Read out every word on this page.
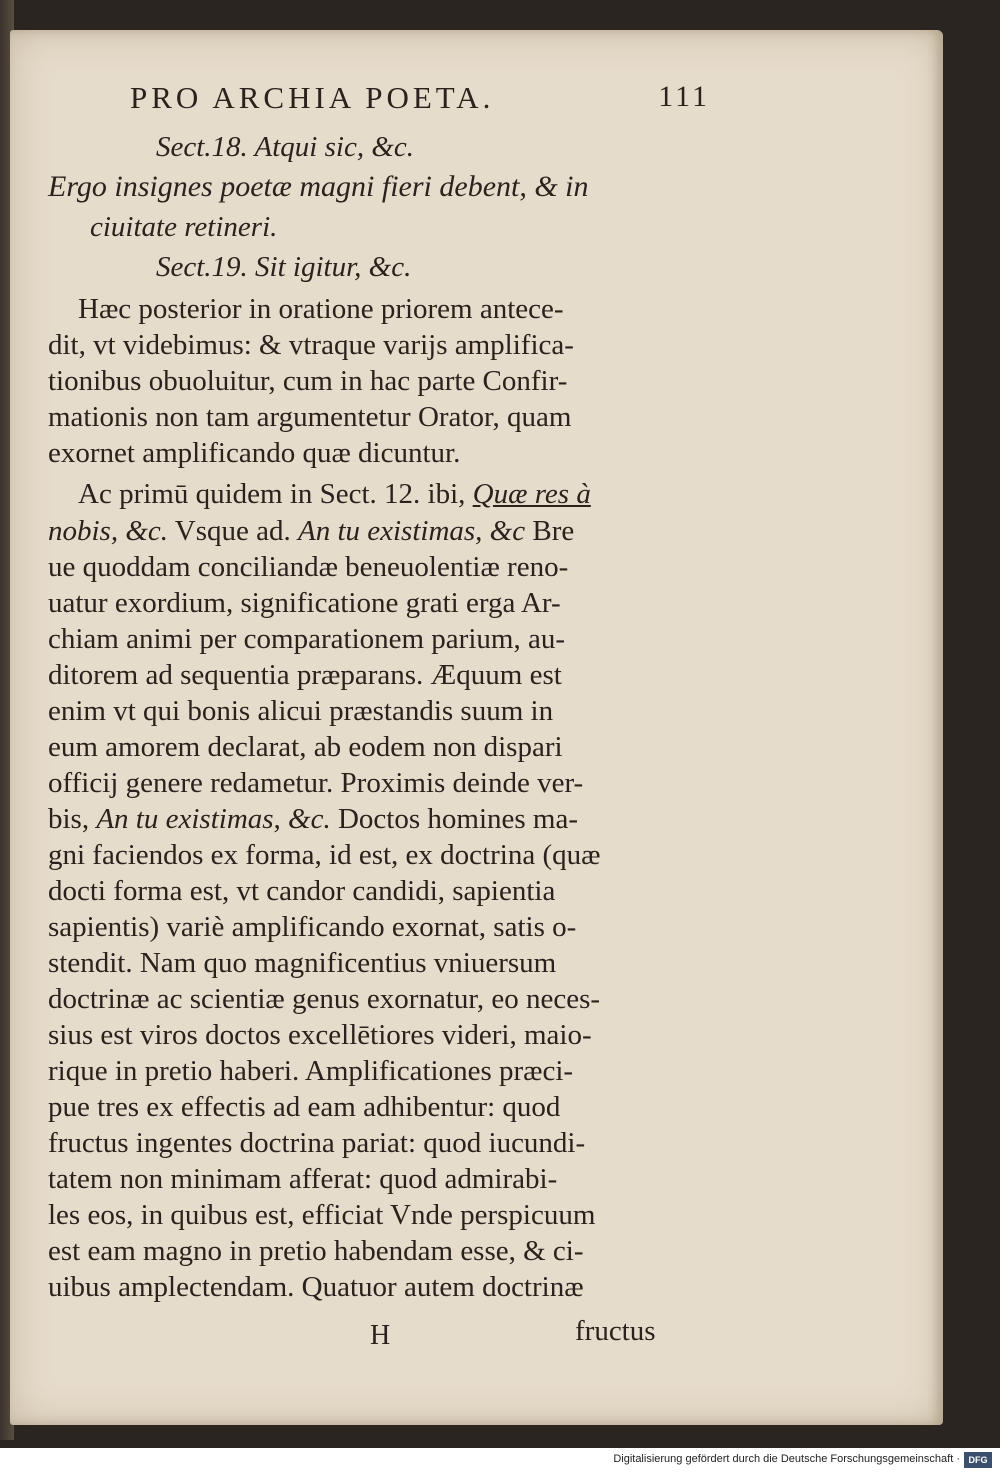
PRO ARCHIA POETA.	111
Sect.18. Atqui sic, &c.
Ergo insignes poetæ magni fieri debent, & in
ciuitate retineri.
Sect.19. Sit igitur, &c.
Hæc posterior in oratione priorem antece-
dit, vt videbimus: & vtraque varijs amplifica-
tionibus obuoluitur, cum in hac parte Confir-
mationis non tam argumentetur Orator, quam
exornet amplificando quæ dicuntur.
Ac primū quidem in Sect. 12. ibi, Quæ res à
nobis, &c. Vsque ad. An tu existimas, &c Bre
ue quoddam conciliandæ beneuolentiæ reno-
uatur exordium, significatione grati erga Ar-
chiam animi per comparationem parium, au-
ditorem ad sequentia præparans. Æquum est
enim vt qui bonis alicui præstandis suum in
eum amorem declarat, ab eodem non dispari
officij genere redametur. Proximis deinde ver-
bis, An tu existimas, &c. Doctos homines ma-
gni faciendos ex forma, id est, ex doctrina (quæ
docti forma est, vt candor candidi, sapientia
sapientis) variè amplificando exornat, satis o-
stendit. Nam quo magnificentius vniuersum
doctrinæ ac scientiæ genus exornatur, eo neces-
sius est viros doctos excellētiores videri, maio-
rique in pretio haberi. Amplificationes præci-
pue tres ex effectis ad eam adhibentur: quod
fructus ingentes doctrina pariat: quod iucundi-
tatem non minimam afferat: quod admirabi-
les eos, in quibus est, efficiat Vnde perspicuum
est eam magno in pretio habendam esse, & ci-
uibus amplectendam. Quatuor autem doctrinæ
H	fructus
Digitalisierung gefördert durch die Deutsche Forschungsgemeinschaft · DFG
